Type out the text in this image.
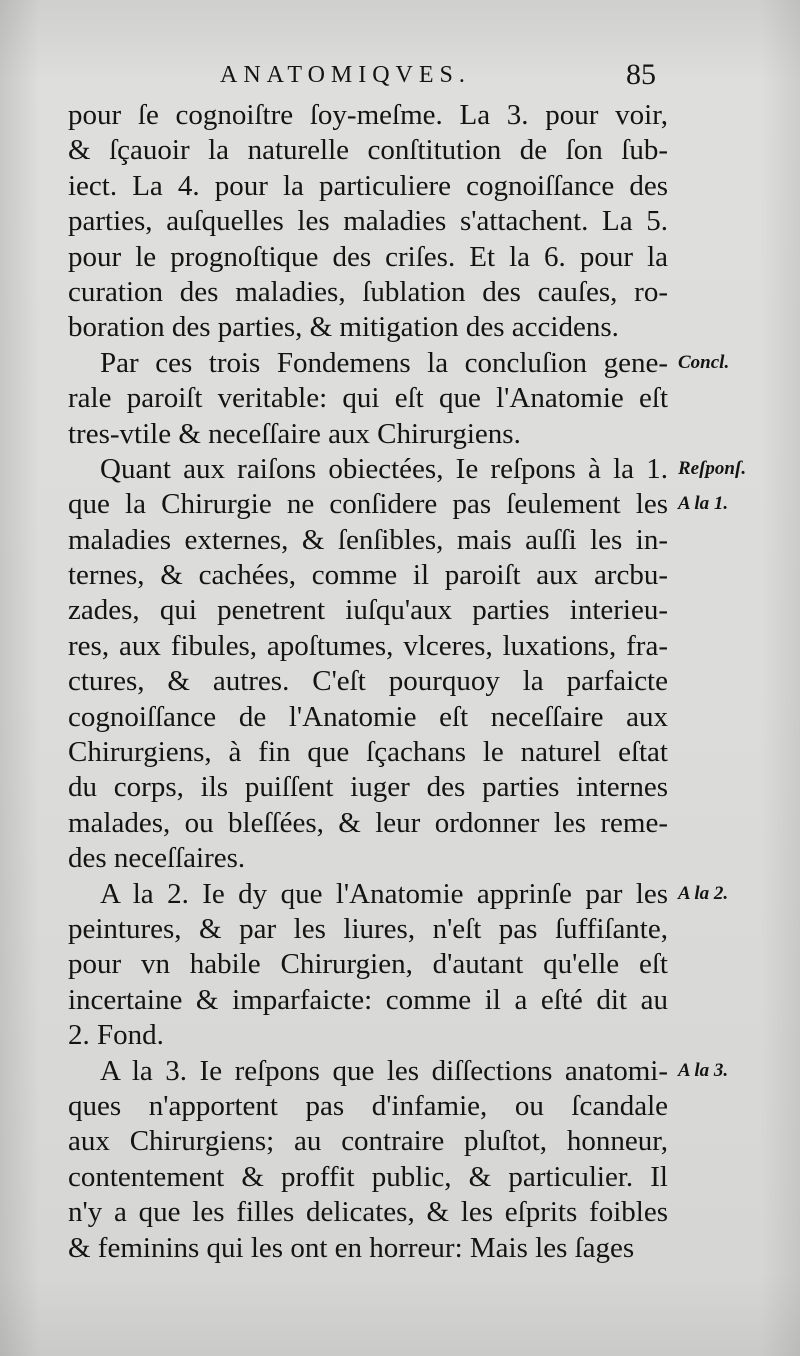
ANATOMIQVES.	85
pour ſe cognoiſtre ſoy-meſme. La 3. pour voir,
& ſçauoir la naturelle conſtitution de ſon ſub-
iect. La 4. pour la particuliere cognoiſſance des
parties, auſquelles les maladies s'attachent. La 5.
pour le prognoſtique des criſes. Et la 6. pour la
curation des maladies, ſublation des cauſes, ro-
boration des parties, & mitigation des accidens.
Par ces trois Fondemens la concluſion gene-
rale paroiſt veritable: qui eſt que l'Anatomie eſt
tres-vtile & neceſſaire aux Chirurgiens.
Quant aux raiſons obiectées, Ie reſpons à la 1.
que la Chirurgie ne conſidere pas ſeulement les
maladies externes, & ſenſibles, mais auſſi les in-
ternes, & cachées, comme il paroiſt aux arcbu-
zades, qui penetrent iuſqu'aux parties interieu-
res, aux fibules, apoſtumes, vlceres, luxations, fra-
ctures, & autres. C'eſt pourquoy la parfaicte
cognoiſſance de l'Anatomie eſt neceſſaire aux
Chirurgiens, à fin que ſçachans le naturel eſtat
du corps, ils puiſſent iuger des parties internes
malades, ou bleſſées, & leur ordonner les reme-
des neceſſaires.
A la 2. Ie dy que l'Anatomie apprinſe par les
peintures, & par les liures, n'eſt pas ſuffiſante,
pour vn habile Chirurgien, d'autant qu'elle eſt
incertaine & imparfaicte: comme il a eſté dit au
2. Fond.
A la 3. Ie reſpons que les diſſections anatomi-
ques n'apportent pas d'infamie, ou ſcandale
aux Chirurgiens; au contraire pluſtot, honneur,
contentement & proffit public, & particulier. Il
n'y a que les filles delicates, & les eſprits foibles
& feminins qui les ont en horreur: Mais les ſages
Concl.
Reſponſ.
A la 1.
A la 2.
A la 3.
